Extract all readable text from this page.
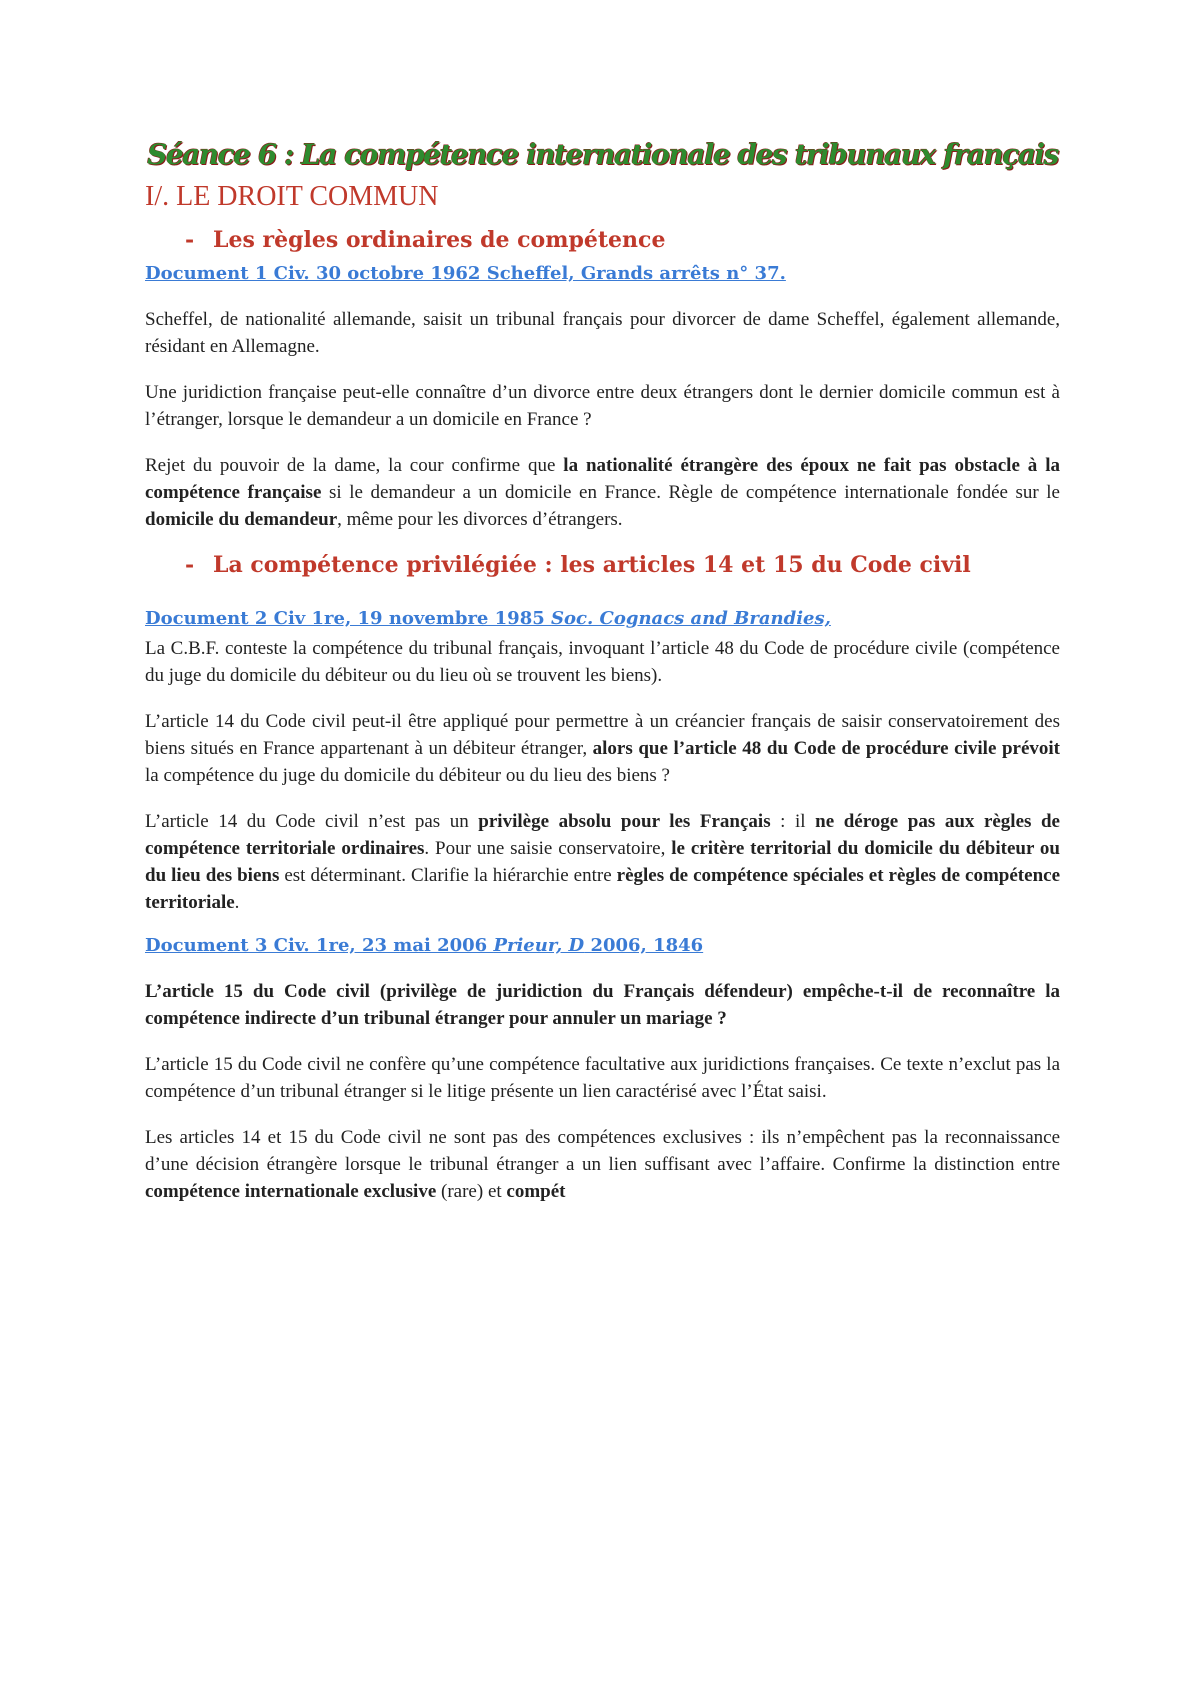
Séance 6 : La compétence internationale des tribunaux français
I/. LE DROIT COMMUN
- Les règles ordinaires de compétence
Document 1 Civ. 30 octobre 1962 Scheffel, Grands arrêts n° 37.

Scheffel, de nationalité allemande, saisit un tribunal français pour divorcer de dame Scheffel, également allemande, résidant en Allemagne.

Une juridiction française peut-elle connaître d’un divorce entre deux étrangers dont le dernier domicile commun est à l’étranger, lorsque le demandeur a un domicile en France ?

Rejet du pouvoir de la dame, la cour confirme que la nationalité étrangère des époux ne fait pas obstacle à la compétence française si le demandeur a un domicile en France. Règle de compétence internationale fondée sur le domicile du demandeur, même pour les divorces d’étrangers.

- La compétence privilégiée : les articles 14 et 15 du Code civil
Document 2 Civ 1re, 19 novembre 1985 Soc. Cognacs and Brandies,

La C.B.F. conteste la compétence du tribunal français, invoquant l’article 48 du Code de procédure civile (compétence du juge du domicile du débiteur ou du lieu où se trouvent les biens).

L’article 14 du Code civil peut-il être appliqué pour permettre à un créancier français de saisir conservatoirement des biens situés en France appartenant à un débiteur étranger, alors que l’article 48 du Code de procédure civile prévoit la compétence du juge du domicile du débiteur ou du lieu des biens ?

L’article 14 du Code civil n’est pas un privilège absolu pour les Français : il ne déroge pas aux règles de compétence territoriale ordinaires. Pour une saisie conservatoire, le critère territorial du domicile du débiteur ou du lieu des biens est déterminant. Clarifie la hiérarchie entre règles de compétence spéciales et règles de compétence territoriale.

Document 3 Civ. 1re, 23 mai 2006 Prieur, D 2006, 1846

L’article 15 du Code civil (privilège de juridiction du Français défendeur) empêche-t-il de reconnaître la compétence indirecte d’un tribunal étranger pour annuler un mariage ?

L’article 15 du Code civil ne confère qu’une compétence facultative aux juridictions françaises. Ce texte n’exclut pas la compétence d’un tribunal étranger si le litige présente un lien caractérisé avec l’État saisi.

Les articles 14 et 15 du Code civil ne sont pas des compétences exclusives : ils n’empêchent pas la reconnaissance d’une décision étrangère lorsque le tribunal étranger a un lien suffisant avec l’affaire. Confirme la distinction entre compétence internationale exclusive (rare) et compét
